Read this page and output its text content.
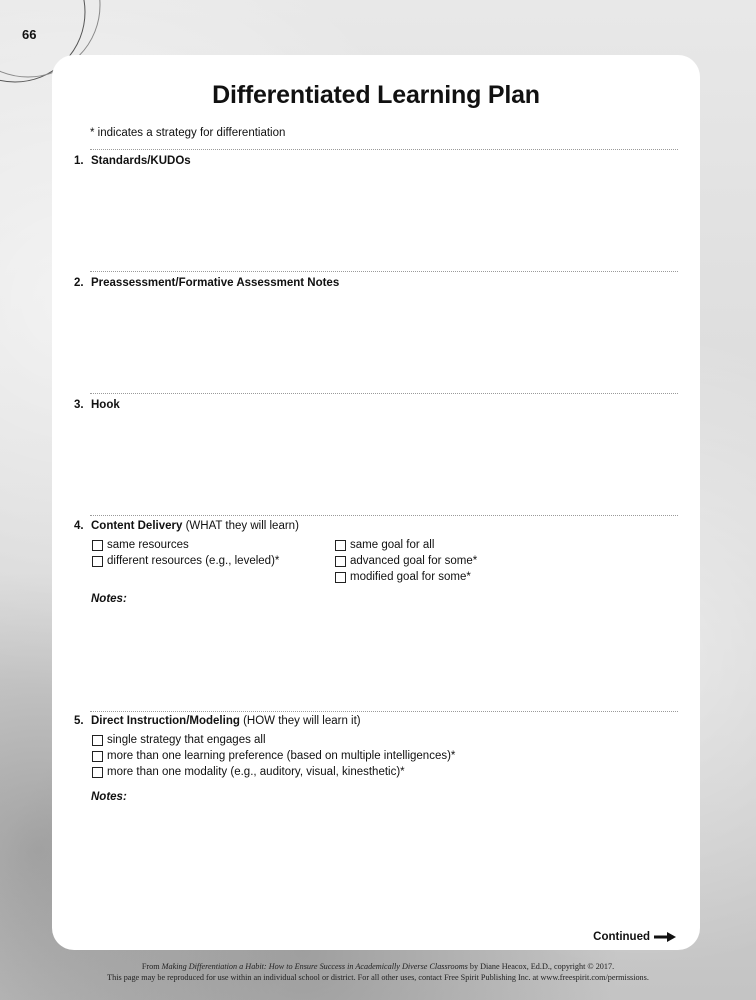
66
Differentiated Learning Plan
* indicates a strategy for differentiation
1. Standards/KUDOs
2. Preassessment/Formative Assessment Notes
3. Hook
4. Content Delivery (WHAT they will learn)
same resources
different resources (e.g., leveled)*
same goal for all
advanced goal for some*
modified goal for some*
Notes:
5. Direct Instruction/Modeling (HOW they will learn it)
single strategy that engages all
more than one learning preference (based on multiple intelligences)*
more than one modality (e.g., auditory, visual, kinesthetic)*
Notes:
Continued
From Making Differentiation a Habit: How to Ensure Success in Academically Diverse Classrooms by Diane Heacox, Ed.D., copyright © 2017.
This page may be reproduced for use within an individual school or district. For all other uses, contact Free Spirit Publishing Inc. at www.freespirit.com/permissions.
